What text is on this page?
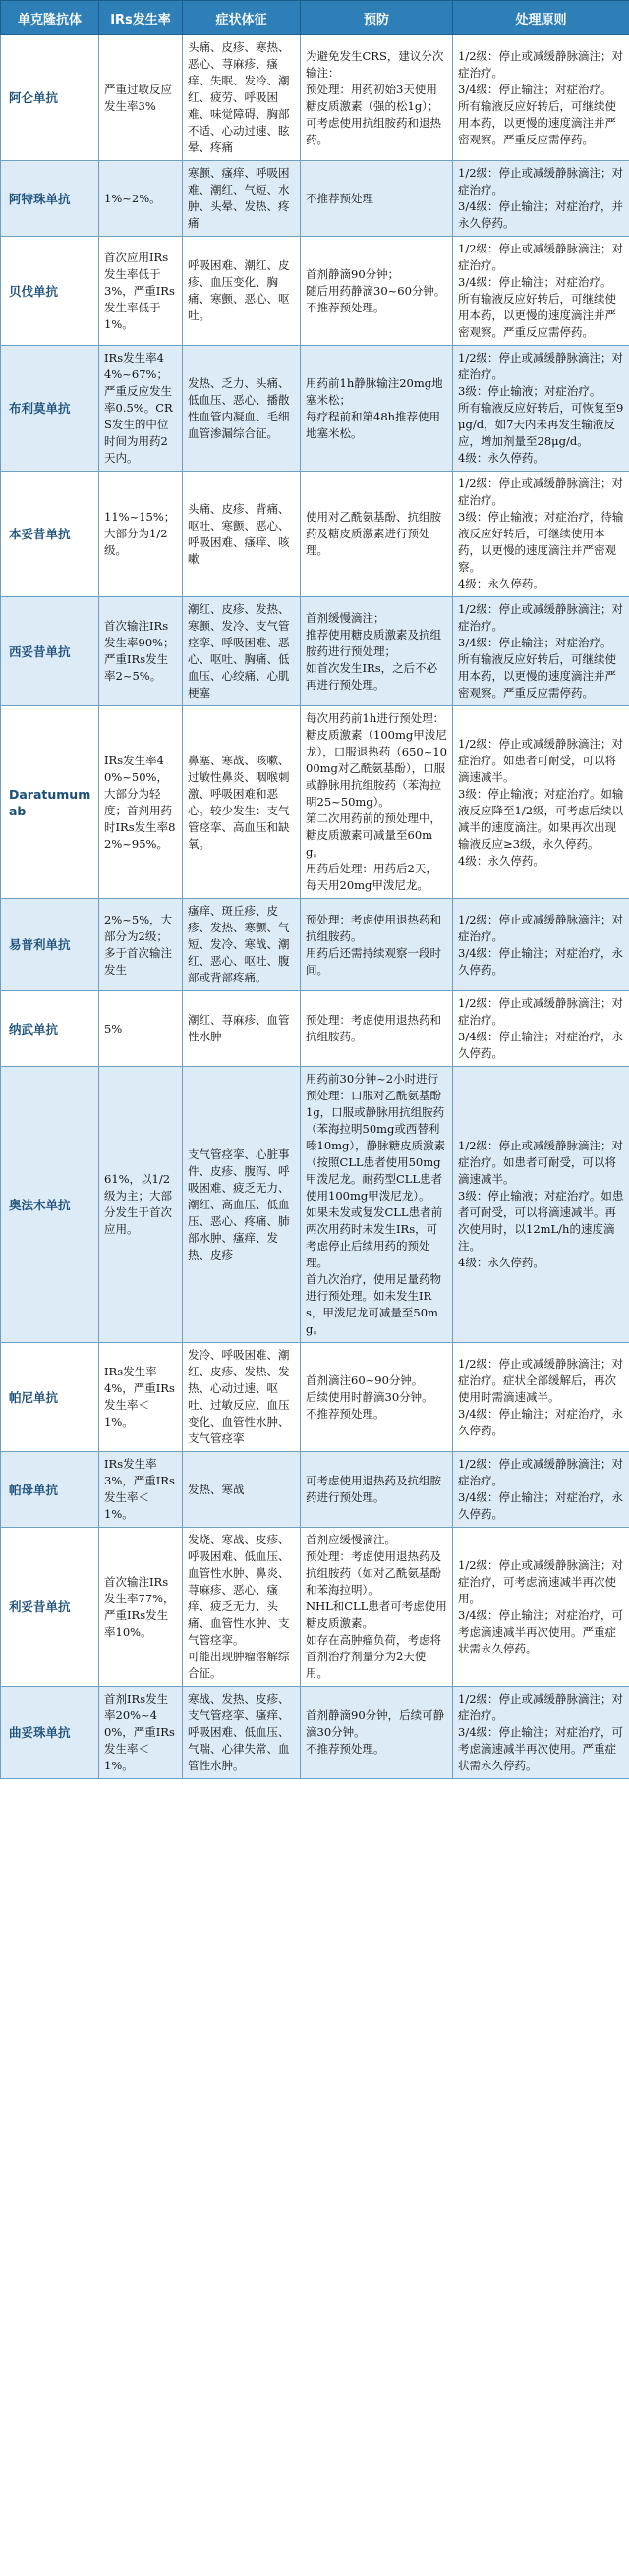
单克隆抗体	IRs发生率	症状体征	预防	处理原则
阿仑单抗	严重过敏反应发生率3%	头痛、皮疹、寒热、恶心、荨麻疹、瘙痒、失眠、发冷、潮红、疲劳、呼吸困难、味觉障碍、胸部不适、心动过速、眩晕、疼痛	为避免发生CRS，建议分次输注：
预处理：用药初始3天使用糖皮质激素（强的松1g）；
可考虑使用抗组胺药和退热药。	1/2级：停止或减缓静脉滴注；对症治疗。
3/4级：停止输注；对症治疗。
所有输液反应好转后，可继续使用本药，以更慢的速度滴注并严密观察。严重反应需停药。
阿特珠单抗	1%~2%。	寒颤、瘙痒、呼吸困难、潮红、气短、水肿、头晕、发热、疼痛	不推荐预处理	1/2级：停止或减缓静脉滴注；对症治疗。
3/4级：停止输注；对症治疗，并永久停药。
贝伐单抗	首次应用IRs发生率低于3%，严重IRs发生率低于1%。	呼吸困难、潮红、皮疹、血压变化、胸痛、寒颤、恶心、呕吐。	首剂静滴90分钟；
随后用药静滴30~60分钟。
不推荐预处理。	1/2级：停止或减缓静脉滴注；对症治疗。
3/4级：停止输注；对症治疗。
所有输液反应好转后，可继续使用本药，以更慢的速度滴注并严密观察。严重反应需停药。
布利莫单抗	IRs发生率44%~67%；严重反应发生率0.5%。CRS发生的中位时间为用药2天内。	发热、乏力、头痛、低血压、恶心、播散性血管内凝血、毛细血管渗漏综合征。	用药前1h静脉输注20mg地塞米松；
每疗程前和第48h推荐使用地塞米松。	1/2级：停止或减缓静脉滴注；对症治疗。
3级：停止输液；对症治疗。
所有输液反应好转后，可恢复至9 μg/d，如7天内未再发生输液反应，增加剂量至28μg/d。
4级：永久停药。
本妥昔单抗	11%~15%；大部分为1/2级。	头痛、皮疹、背痛、呕吐、寒颤、恶心、呼吸困难、瘙痒、咳嗽	使用对乙酰氨基酚、抗组胺药及糖皮质激素进行预处理。	1/2级：停止或减缓静脉滴注；对症治疗。
3级：停止输液；对症治疗，待输液反应好转后，可继续使用本药，以更慢的速度滴注并严密观察。
4级：永久停药。
西妥昔单抗	首次输注IRs发生率90%；严重IRs发生率2~5%。	潮红、皮疹、发热、寒颤、发冷、支气管痉挛、呼吸困难、恶心、呕吐、胸痛、低血压、心绞痛、心肌梗塞	首剂缓慢滴注；
推荐使用糖皮质激素及抗组胺药进行预处理；
如首次发生IRs，之后不必再进行预处理。	1/2级：停止或减缓静脉滴注；对症治疗。
3/4级：停止输注；对症治疗。
所有输液反应好转后，可继续使用本药，以更慢的速度滴注并严密观察。严重反应需停药。
Daratumumab	IRs发生率40%~50%，大部分为轻度；首剂用药时IRs发生率82%~95%。	鼻塞、寒战、咳嗽、过敏性鼻炎、咽喉刺激、呼吸困难和恶心。较少发生：支气管痉挛、高血压和缺氧。	每次用药前1h进行预处理：糖皮质激素（100mg甲泼尼龙），口服退热药（650~1000mg对乙酰氨基酚），口服或静脉用抗组胺药（苯海拉明25~50mg）。
第二次用药前的预处理中，糖皮质激素可减量至60mg。
用药后处理：用药后2天，每天用20mg甲泼尼龙。	1/2级：停止或减缓静脉滴注；对症治疗。如患者可耐受，可以将滴速减半。
3级：停止输液；对症治疗。如输液反应降至1/2级，可考虑后续以减半的速度滴注。如果再次出现输液反应≥3级，永久停药。
4级：永久停药。
易普利单抗	2%~5%，大部分为2级；多于首次输注发生	瘙痒、斑丘疹、皮疹、发热、寒颤、气短、发冷、寒战、潮红、恶心、呕吐、腹部或背部疼痛。	预处理：考虑使用退热药和抗组胺药。
用药后还需持续观察一段时间。	1/2级：停止或减缓静脉滴注；对症治疗。
3/4级：停止输注；对症治疗，永久停药。
纳武单抗	5%	潮红、荨麻疹、血管性水肿	预处理：考虑使用退热药和抗组胺药。	1/2级：停止或减缓静脉滴注；对症治疗。
3/4级：停止输注；对症治疗，永久停药。
奥法木单抗	61%，以1/2级为主；大部分发生于首次应用。	支气管痉挛、心脏事件、皮疹、腹泻、呼吸困难、疲乏无力、潮红、高血压、低血压、恶心、疼痛、肺部水肿、瘙痒、发热、皮疹	用药前30分钟~2小时进行预处理：口服对乙酰氨基酚1g，口服或静脉用抗组胺药（苯海拉明50mg或西替利嗪10mg），静脉糖皮质激素（按照CLL患者使用50mg甲泼尼龙。耐药型CLL患者使用100mg甲泼尼龙）。
如果未发或复发CLL患者前两次用药时未发生IRs，可考虑停止后续用药的预处理。
首九次治疗，使用足量药物进行预处理。如未发生IRs，甲泼尼龙可减量至50mg。	1/2级：停止或减缓静脉滴注；对症治疗。如患者可耐受，可以将滴速减半。
3级：停止输液；对症治疗。如患者可耐受，可以将滴速减半。再次使用时，以12mL/h的速度滴注。
4级：永久停药。
帕尼单抗	IRs发生率4%，严重IRs发生率＜1%。	发冷、呼吸困难、潮红、皮疹、发热、发热、心动过速、呕吐、过敏反应、血压变化、血管性水肿、支气管痉挛	首剂滴注60~90分钟。
后续使用时静滴30分钟。
不推荐预处理。	1/2级：停止或减缓静脉滴注；对症治疗。症状全部缓解后，再次使用时需滴速减半。
3/4级：停止输注；对症治疗，永久停药。
帕母单抗	IRs发生率3%，严重IRs发生率＜1%。	发热、寒战	可考虑使用退热药及抗组胺药进行预处理。	1/2级：停止或减缓静脉滴注；对症治疗。
3/4级：停止输注；对症治疗，永久停药。
利妥昔单抗	首次输注IRs发生率77%，严重IRs发生率10%。	发烧、寒战、皮疹、呼吸困难、低血压、血管性水肿、鼻炎、荨麻疹、恶心、瘙痒、疲乏无力、头痛、血管性水肿、支气管痉挛。
可能出现肿瘤溶解综合征。	首剂应缓慢滴注。
预处理：考虑使用退热药及抗组胺药（如对乙酰氨基酚和苯海拉明）。
NHL和CLL患者可考虑使用糖皮质激素。
如存在高肿瘤负荷，考虑将首剂治疗剂量分为2天使用。	1/2级：停止或减缓静脉滴注；对症治疗，可考虑滴速减半再次使用。
3/4级：停止输注；对症治疗，可考虑滴速减半再次使用。严重症状需永久停药。
曲妥珠单抗	首剂IRs发生率20%~40%，严重IRs发生率＜1%。	寒战、发热、皮疹、支气管痉挛、瘙痒、呼吸困难、低血压、气喘、心律失常、血管性水肿。	首剂静滴90分钟，后续可静滴30分钟。
不推荐预处理。	1/2级：停止或减缓静脉滴注；对症治疗。
3/4级：停止输注；对症治疗，可考虑滴速减半再次使用。严重症状需永久停药。
